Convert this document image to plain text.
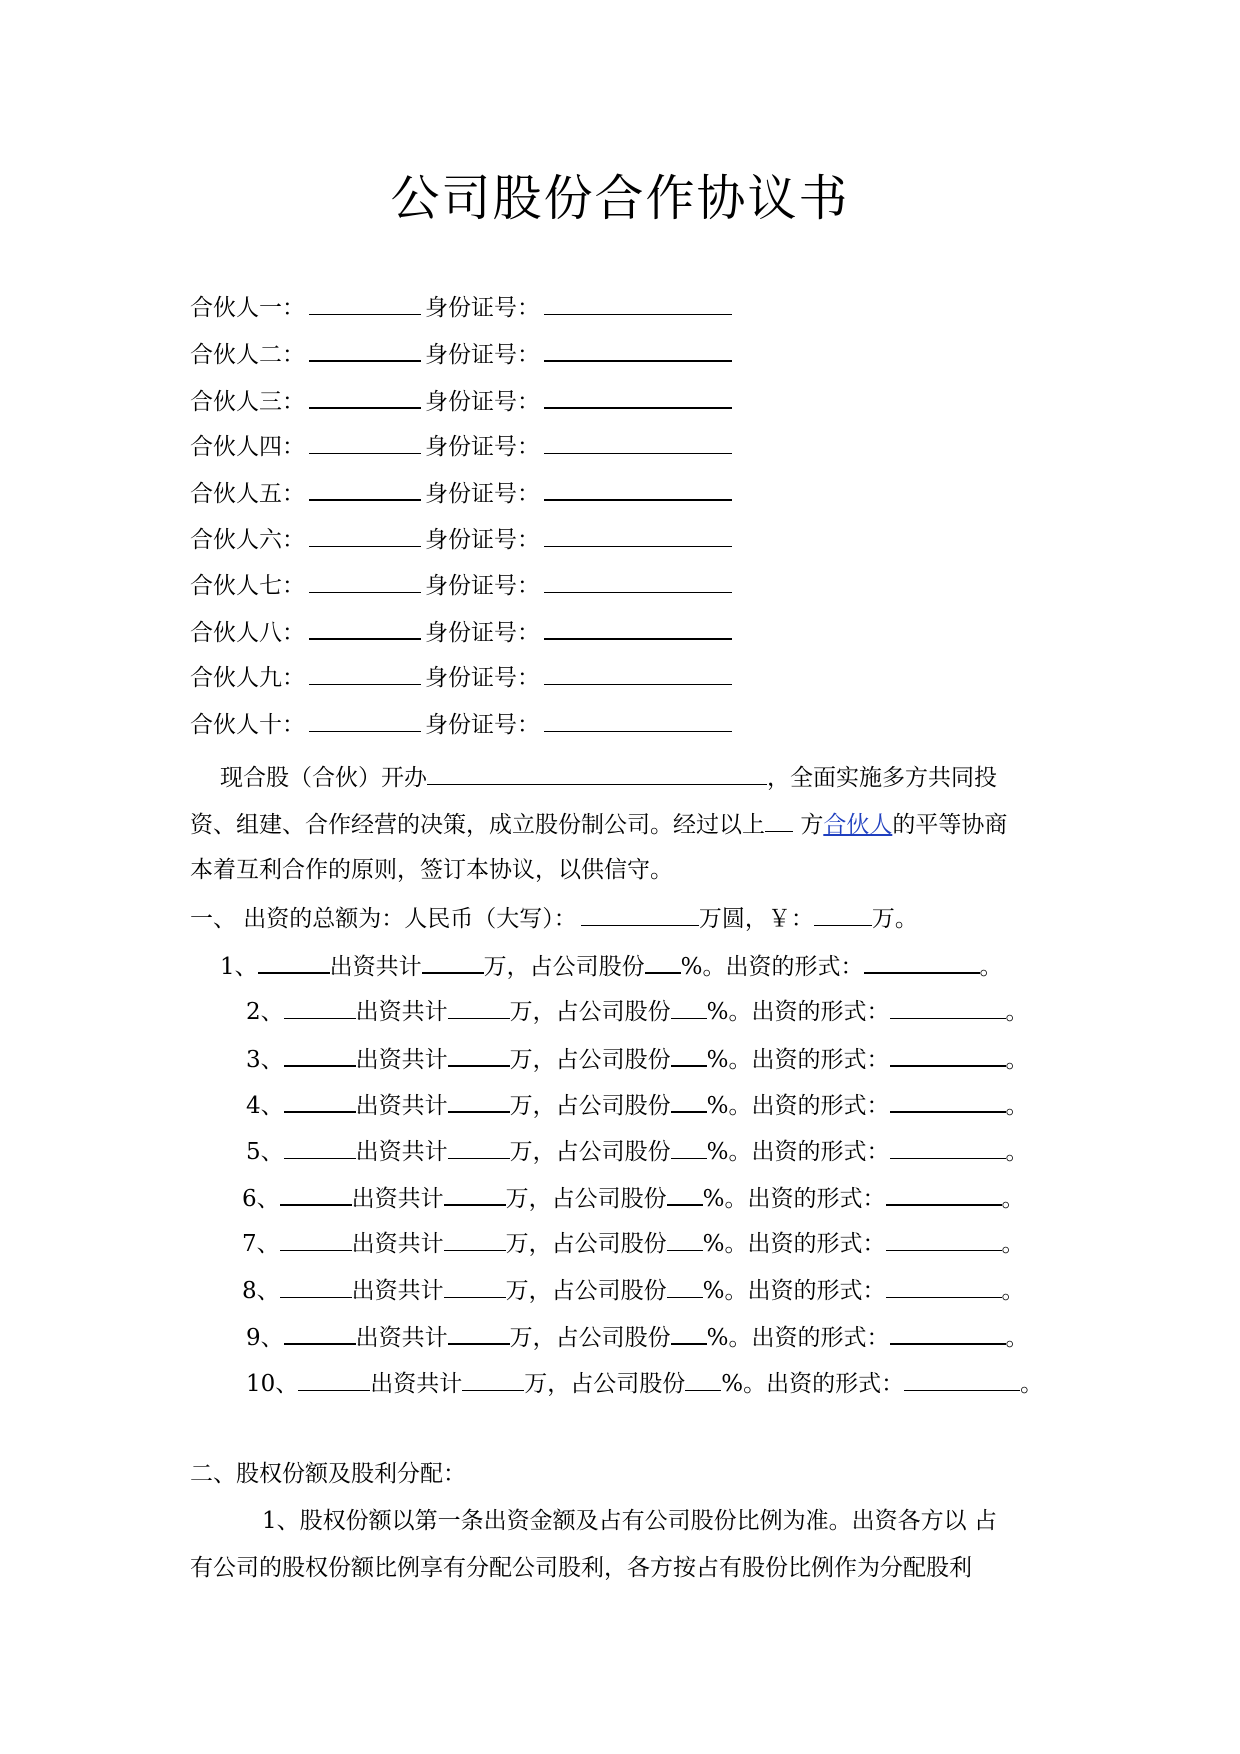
公司股份合作协议书
合伙人一：	身份证号：
合伙人二：	身份证号：
合伙人三：	身份证号：
合伙人四：	身份证号：
合伙人五：	身份证号：
合伙人六：	身份证号：
合伙人七：	身份证号：
合伙人八：	身份证号：
合伙人九：	身份证号：
合伙人十：	身份证号：
现合股（合伙）开办	，全面实施多方共同投
资、组建、合作经营的决策，成立股份制公司。经过以上 方合伙人的平等协商
本着互利合作的原则，签订本协议，以供信守。
一、 出资的总额为：人民币（大写）：	万圆，￥：	万。
1、	出资共计	万，占公司股份 %。出资的形式：	。
2、	出资共计	万，占公司股份 %。出资的形式：	。
3、	出资共计	万，占公司股份 %。出资的形式：	。
4、	出资共计	万，占公司股份 %。出资的形式：	。
5、	出资共计	万，占公司股份 %。出资的形式：	。
6、	出资共计	万，占公司股份 %。出资的形式：	。
7、	出资共计	万，占公司股份 %。出资的形式：	。
8、	出资共计	万，占公司股份 %。出资的形式：	。
9、	出资共计	万，占公司股份 %。出资的形式：	。
10、	出资共计	万，占公司股份 %。出资的形式：	。
二、股权份额及股利分配：
1、股权份额以第一条出资金额及占有公司股份比例为准。出资各方以 占
有公司的股权份额比例享有分配公司股利，各方按占有股份比例作为分配股利
